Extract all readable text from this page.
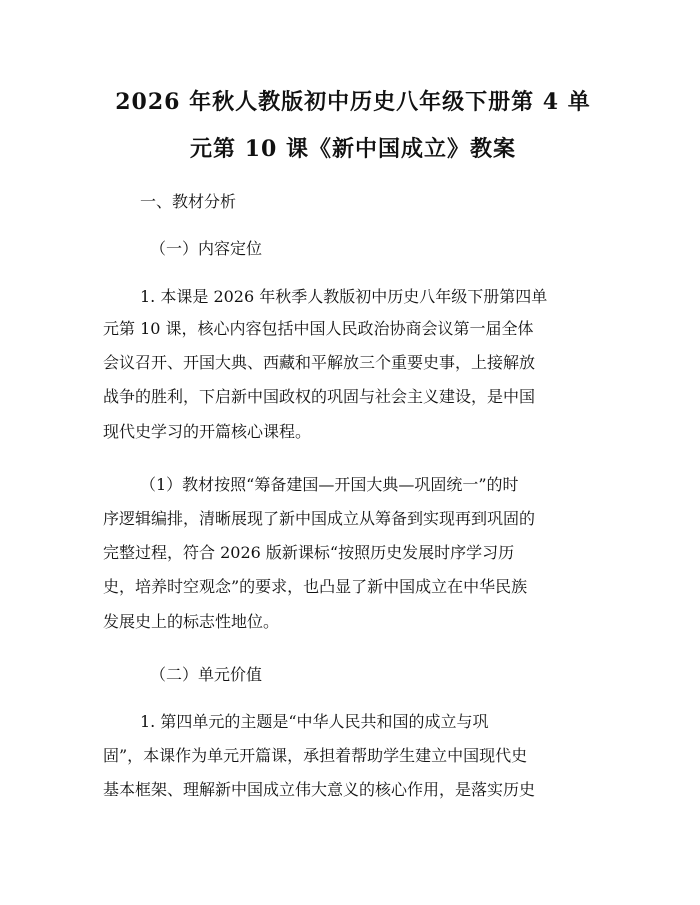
2026 年秋人教版初中历史八年级下册第 4 单
元第 10 课《新中国成立》教案
一、教材分析
（一）内容定位
1. 本课是 2026 年秋季人教版初中历史八年级下册第四单
元第 10 课，核心内容包括中国人民政治协商会议第一届全体
会议召开、开国大典、西藏和平解放三个重要史事，上接解放
战争的胜利，下启新中国政权的巩固与社会主义建设，是中国
现代史学习的开篇核心课程。
（1）教材按照“筹备建国—开国大典—巩固统一”的时
序逻辑编排，清晰展现了新中国成立从筹备到实现再到巩固的
完整过程，符合 2026 版新课标“按照历史发展时序学习历
史，培养时空观念”的要求，也凸显了新中国成立在中华民族
发展史上的标志性地位。
（二）单元价值
1. 第四单元的主题是“中华人民共和国的成立与巩
固”，本课作为单元开篇课，承担着帮助学生建立中国现代史
基本框架、理解新中国成立伟大意义的核心作用，是落实历史
